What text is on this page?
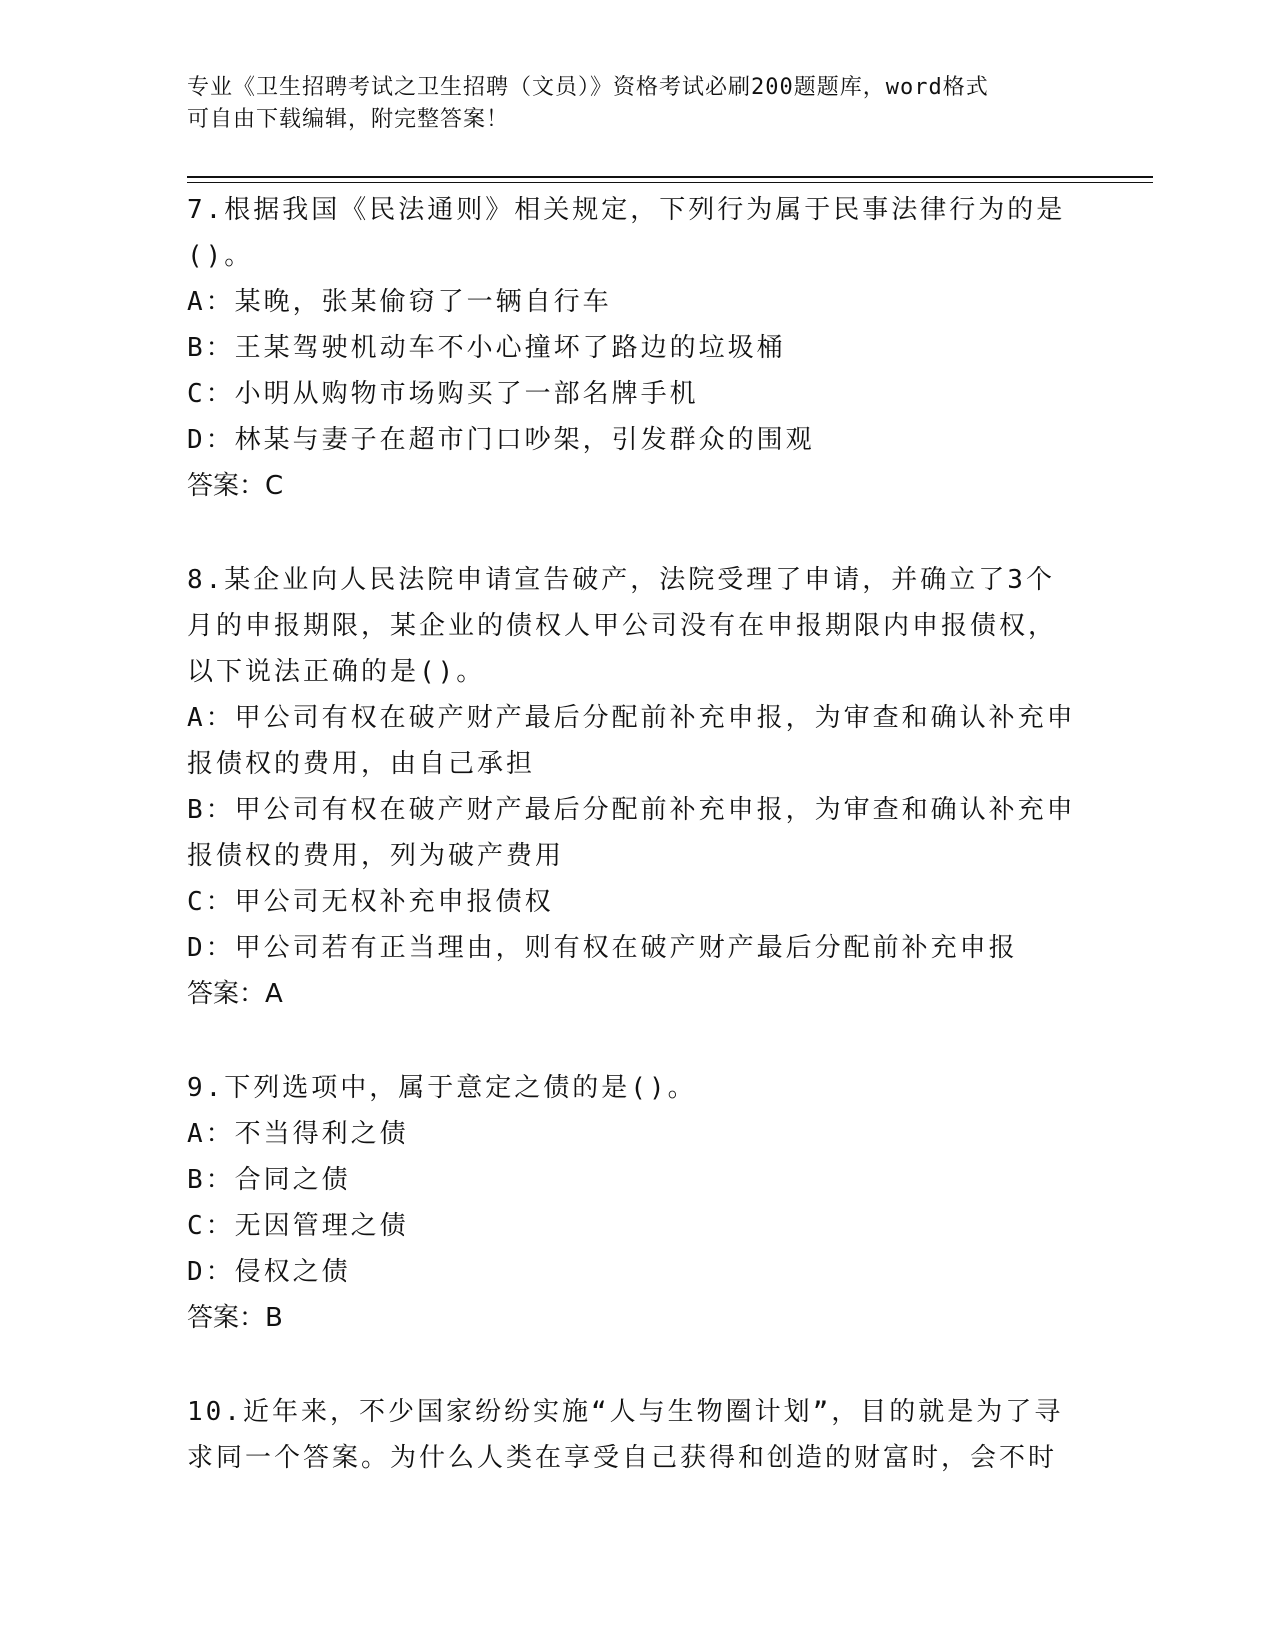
专业《卫生招聘考试之卫生招聘（文员）》资格考试必刷200题题库，word格式
可自由下载编辑，附完整答案！
7.根据我国《民法通则》相关规定，下列行为属于民事法律行为的是
()。
A：某晚，张某偷窃了一辆自行车
B：王某驾驶机动车不小心撞坏了路边的垃圾桶
C：小明从购物市场购买了一部名牌手机
D：林某与妻子在超市门口吵架，引发群众的围观
答案：C
8.某企业向人民法院申请宣告破产，法院受理了申请，并确立了3个
月的申报期限，某企业的债权人甲公司没有在申报期限内申报债权，
以下说法正确的是()。
A：甲公司有权在破产财产最后分配前补充申报，为审查和确认补充申
报债权的费用，由自己承担
B：甲公司有权在破产财产最后分配前补充申报，为审查和确认补充申
报债权的费用，列为破产费用
C：甲公司无权补充申报债权
D：甲公司若有正当理由，则有权在破产财产最后分配前补充申报
答案：A
9.下列选项中，属于意定之债的是()。
A：不当得利之债
B：合同之债
C：无因管理之债
D：侵权之债
答案：B
10.近年来，不少国家纷纷实施“人与生物圈计划”，目的就是为了寻
求同一个答案。为什么人类在享受自己获得和创造的财富时，会不时
